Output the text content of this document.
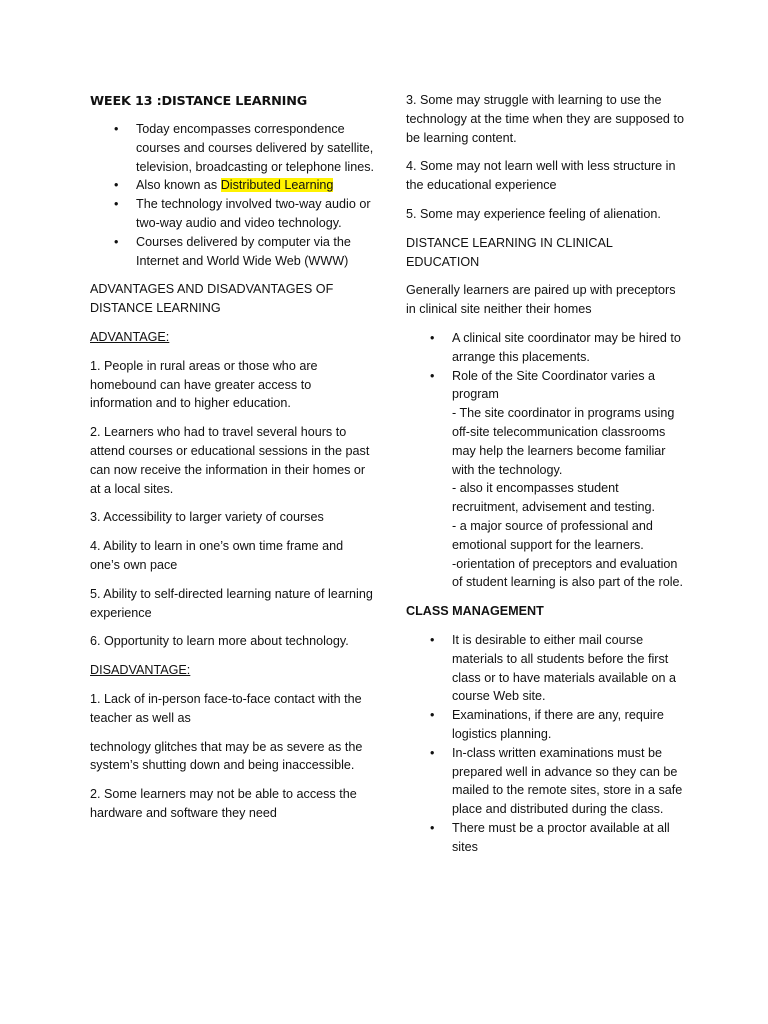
WEEK 13 :DISTANCE LEARNING
• Today encompasses correspondence courses and courses delivered by satellite, television, broadcasting or telephone lines.
• Also known as Distributed Learning
• The technology involved two-way audio or two-way audio and video technology.
• Courses delivered by computer via the Internet and World Wide Web (WWW)

ADVANTAGES AND DISADVANTAGES OF DISTANCE LEARNING

ADVANTAGE:

1. People in rural areas or those who are homebound can have greater access to information and to higher education.

2. Learners who had to travel several hours to attend courses or educational sessions in the past can now receive the information in their homes or at a local sites.

3. Accessibility to larger variety of courses

4. Ability to learn in one’s own time frame and one’s own pace

5. Ability to self-directed learning nature of learning experience

6. Opportunity to learn more about technology.

DISADVANTAGE:

1. Lack of in-person face-to-face contact with the teacher as well as

technology glitches that may be as severe as the system’s shutting down and being inaccessible.

2. Some learners may not be able to access the hardware and software they need

3. Some may struggle with learning to use the technology at the time when they are supposed to be learning content.

4. Some may not learn well with less structure in the educational experience

5. Some may experience feeling of alienation.

DISTANCE LEARNING IN CLINICAL EDUCATION

Generally learners are paired up with preceptors in clinical site neither their homes

• A clinical site coordinator may be hired to arrange this placements.
• Role of the Site Coordinator varies a program
- The site coordinator in programs using off-site telecommunication classrooms may help the learners become familiar with the technology.
- also it encompasses student recruitment, advisement and testing.
- a major source of professional and emotional support for the learners.
-orientation of preceptors and evaluation of student learning is also part of the role.

CLASS MANAGEMENT

• It is desirable to either mail course materials to all students before the first class or to have materials available on a course Web site.
• Examinations, if there are any, require logistics planning.
• In-class written examinations must be prepared well in advance so they can be mailed to the remote sites, store in a safe place and distributed during the class.
• There must be a proctor available at all sites
